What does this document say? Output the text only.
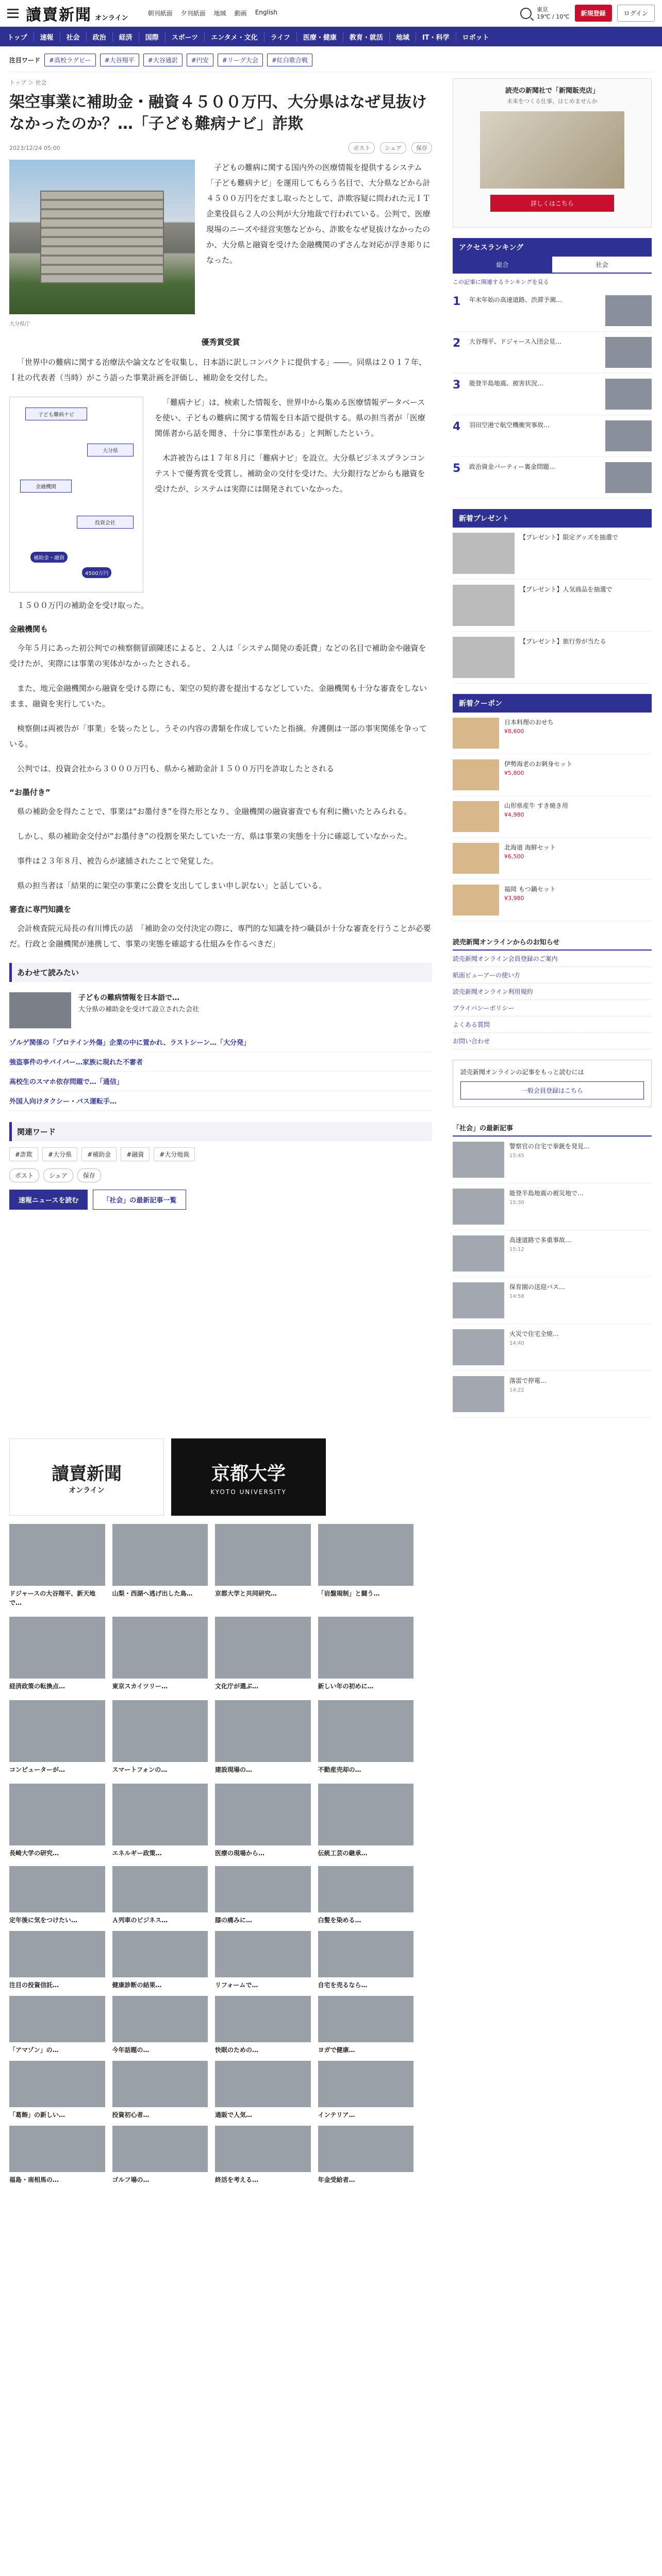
讀賣新聞 オンライン
朝刊紙面 夕刊紙面 地域 動画 English	東京
19℃ / 10℃	新規登録	ログイン
トップ	速報	社会	政治	経済	国際	スポーツ	エンタメ・文化	ライフ	医療・健康	教育・就活	地域	IT・科学	ロボット
注目ワード	#高校ラグビー	#大谷翔平	#大谷通訳	#円安	#リーグ大会	#紅白歌合戦
トップ ＞ 社会
架空事業に補助金・融資４５００万円、大分県はなぜ見抜けなかったのか？…「子ども難病ナビ」詐欺
2023/12/24 05:00	ポスト	シェア	保存

子どもの難病に関する国内外の医療情報を提供するシステム「子ども難病ナビ」を運用してもらう名目で、大分県などから計４５００万円をだまし取ったとして、詐欺容疑に問われた元ＩＴ企業役員ら２人の公判が大分地裁で行われている。公判で、医療現場のニーズや経営実態などから、詐欺をなぜ見抜けなかったのか、大分県と融資を受けた金融機関のずさんな対応が浮き彫りになった。

大分県庁
優秀賞受賞

「世界中の難病に関する治療法や論文などを収集し、日本語に訳しコンパクトに提供する」――。同県は２０１７年、Ｉ社の代表者（当時）がこう語った事業計画を評価し、補助金を交付した。

子ども難病ナビ
大分県
金融機関
投資会社
補助金・融資
4500万円

「難病ナビ」は、検索した情報を、世界中から集める医療情報データベースを使い、子どもの難病に関する情報を日本語で提供する。県の担当者が「医療関係者から話を聞き、十分に事業性がある」と判断したという。

木許被告らは１７年８月に「難病ナビ」を設立。大分県ビジネスプランコンテストで優秀賞を受賞し、補助金の交付を受けた。大分銀行などからも融資を受けたが、システムは実際には開発されていなかった。

１５００万円の補助金を受け取った。

金融機関も

今年５月にあった初公判での検察側冒頭陳述によると、２人は「システム開発の委託費」などの名目で補助金や融資を受けたが、実際には事業の実体がなかったとされる。

また、地元金融機関から融資を受ける際にも、架空の契約書を提出するなどしていた。金融機関も十分な審査をしないまま、融資を実行していた。

検察側は両被告が「事業」を装ったとし、うその内容の書類を作成していたと指摘。弁護側は一部の事実関係を争っている。

公判では、投資会社から３０００万円も、県から補助金計１５００万円を詐取したとされる

“お墨付き”

県の補助金を得たことで、事業は“お墨付き”を得た形となり、金融機関の融資審査でも有利に働いたとみられる。

しかし、県の補助金交付が“お墨付き”の役割を果たしていた一方、県は事業の実態を十分に確認していなかった。

事件は２３年８月、被告らが逮捕されたことで発覚した。

県の担当者は「結果的に架空の事業に公費を支出してしまい申し訳ない」と話している。

審査に専門知識を

会計検査院元局長の有川博氏の話　「補助金の交付決定の際に、専門的な知識を持つ職員が十分な審査を行うことが必要だ。行政と金融機関が連携して、事業の実態を確認する仕組みを作るべきだ」

あわせて読みたい
子どもの難病情報を日本語で…
大分県の補助金を受けて設立された会社
ゾルゲ関係の「プロテイン外傷」企業の中に置かれ、ラストシーン…「大分発」
強盗事件のサバイバー…家族に現れた不審者
高校生のスマホ依存問題で…「通信」
外国人向けタクシー・バス運転手…
関連ワード
#詐欺	#大分県	#補助金	#融資	#大分地裁
ポスト	シェア	保存
速報ニュースを読む	「社会」の最新記事一覧
読売の新聞社で「新聞販売店」
未来をつくる仕事、はじめませんか
詳しくはこちら
アクセスランキング
総合	社会
この記事に関連するランキングを見る
1	年末年始の高速道路、渋滞予測…
2	大谷翔平、ドジャース入団会見…
3	能登半島地震、被害状況…
4	羽田空港で航空機衝突事故…
5	政治資金パーティー裏金問題…
新着プレゼント
【プレゼント】限定グッズを抽選で
【プレゼント】人気商品を抽選で
【プレゼント】旅行券が当たる
新着クーポン
日本料理のおせち
¥8,600
伊勢海老のお刺身セット
¥5,800
山形県産牛 すき焼き用
¥4,980
北海道 海鮮セット
¥6,500
福岡 もつ鍋セット
¥3,980
読売新聞オンラインからのお知らせ
読売新聞オンライン会員登録のご案内
紙面ビューアーの使い方
読売新聞オンライン利用規約
プライバシーポリシー
よくある質問
お問い合わせ
読売新聞オンラインの記事をもっと読むには
一般会員登録はこちら
「社会」の最新記事
警察官の自宅で拳銃を発見…
15:45
能登半島地震の被災地で…
15:30
高速道路で多重事故…
15:12
保育園の送迎バス…
14:58
火災で住宅全焼…
14:40
落雷で停電…
14:22
讀賣新聞
オンライン
京都大学
KYOTO UNIVERSITY
ドジャースの大谷翔平、新天地で…
山梨・西湖へ逃げ出した鳥…	京都大学と共同研究…	「岩盤規制」と闘う…
経済政策の転換点…	東京スカイツリー…	文化庁が選ぶ…	新しい年の初めに…
コンピューターが…	スマートフォンの…	建設現場の…	不動産売却の…
長崎大学の研究…	エネルギー政策…	医療の現場から…	伝統工芸の継承…
定年後に気をつけたい…	Ａ列車のビジネス…	膝の痛みに…	白髪を染める…
注目の投資信託…	健康診断の結果…	リフォームで…	自宅を売るなら…
「アマゾン」の…	今年話題の…	快眠のための…	ヨガで健康…
「葛飾」の新しい…	投資初心者…	通販で人気…	インテリア…
福島・南相馬の…	ゴルフ場の…	終活を考える…	年金受給者…
